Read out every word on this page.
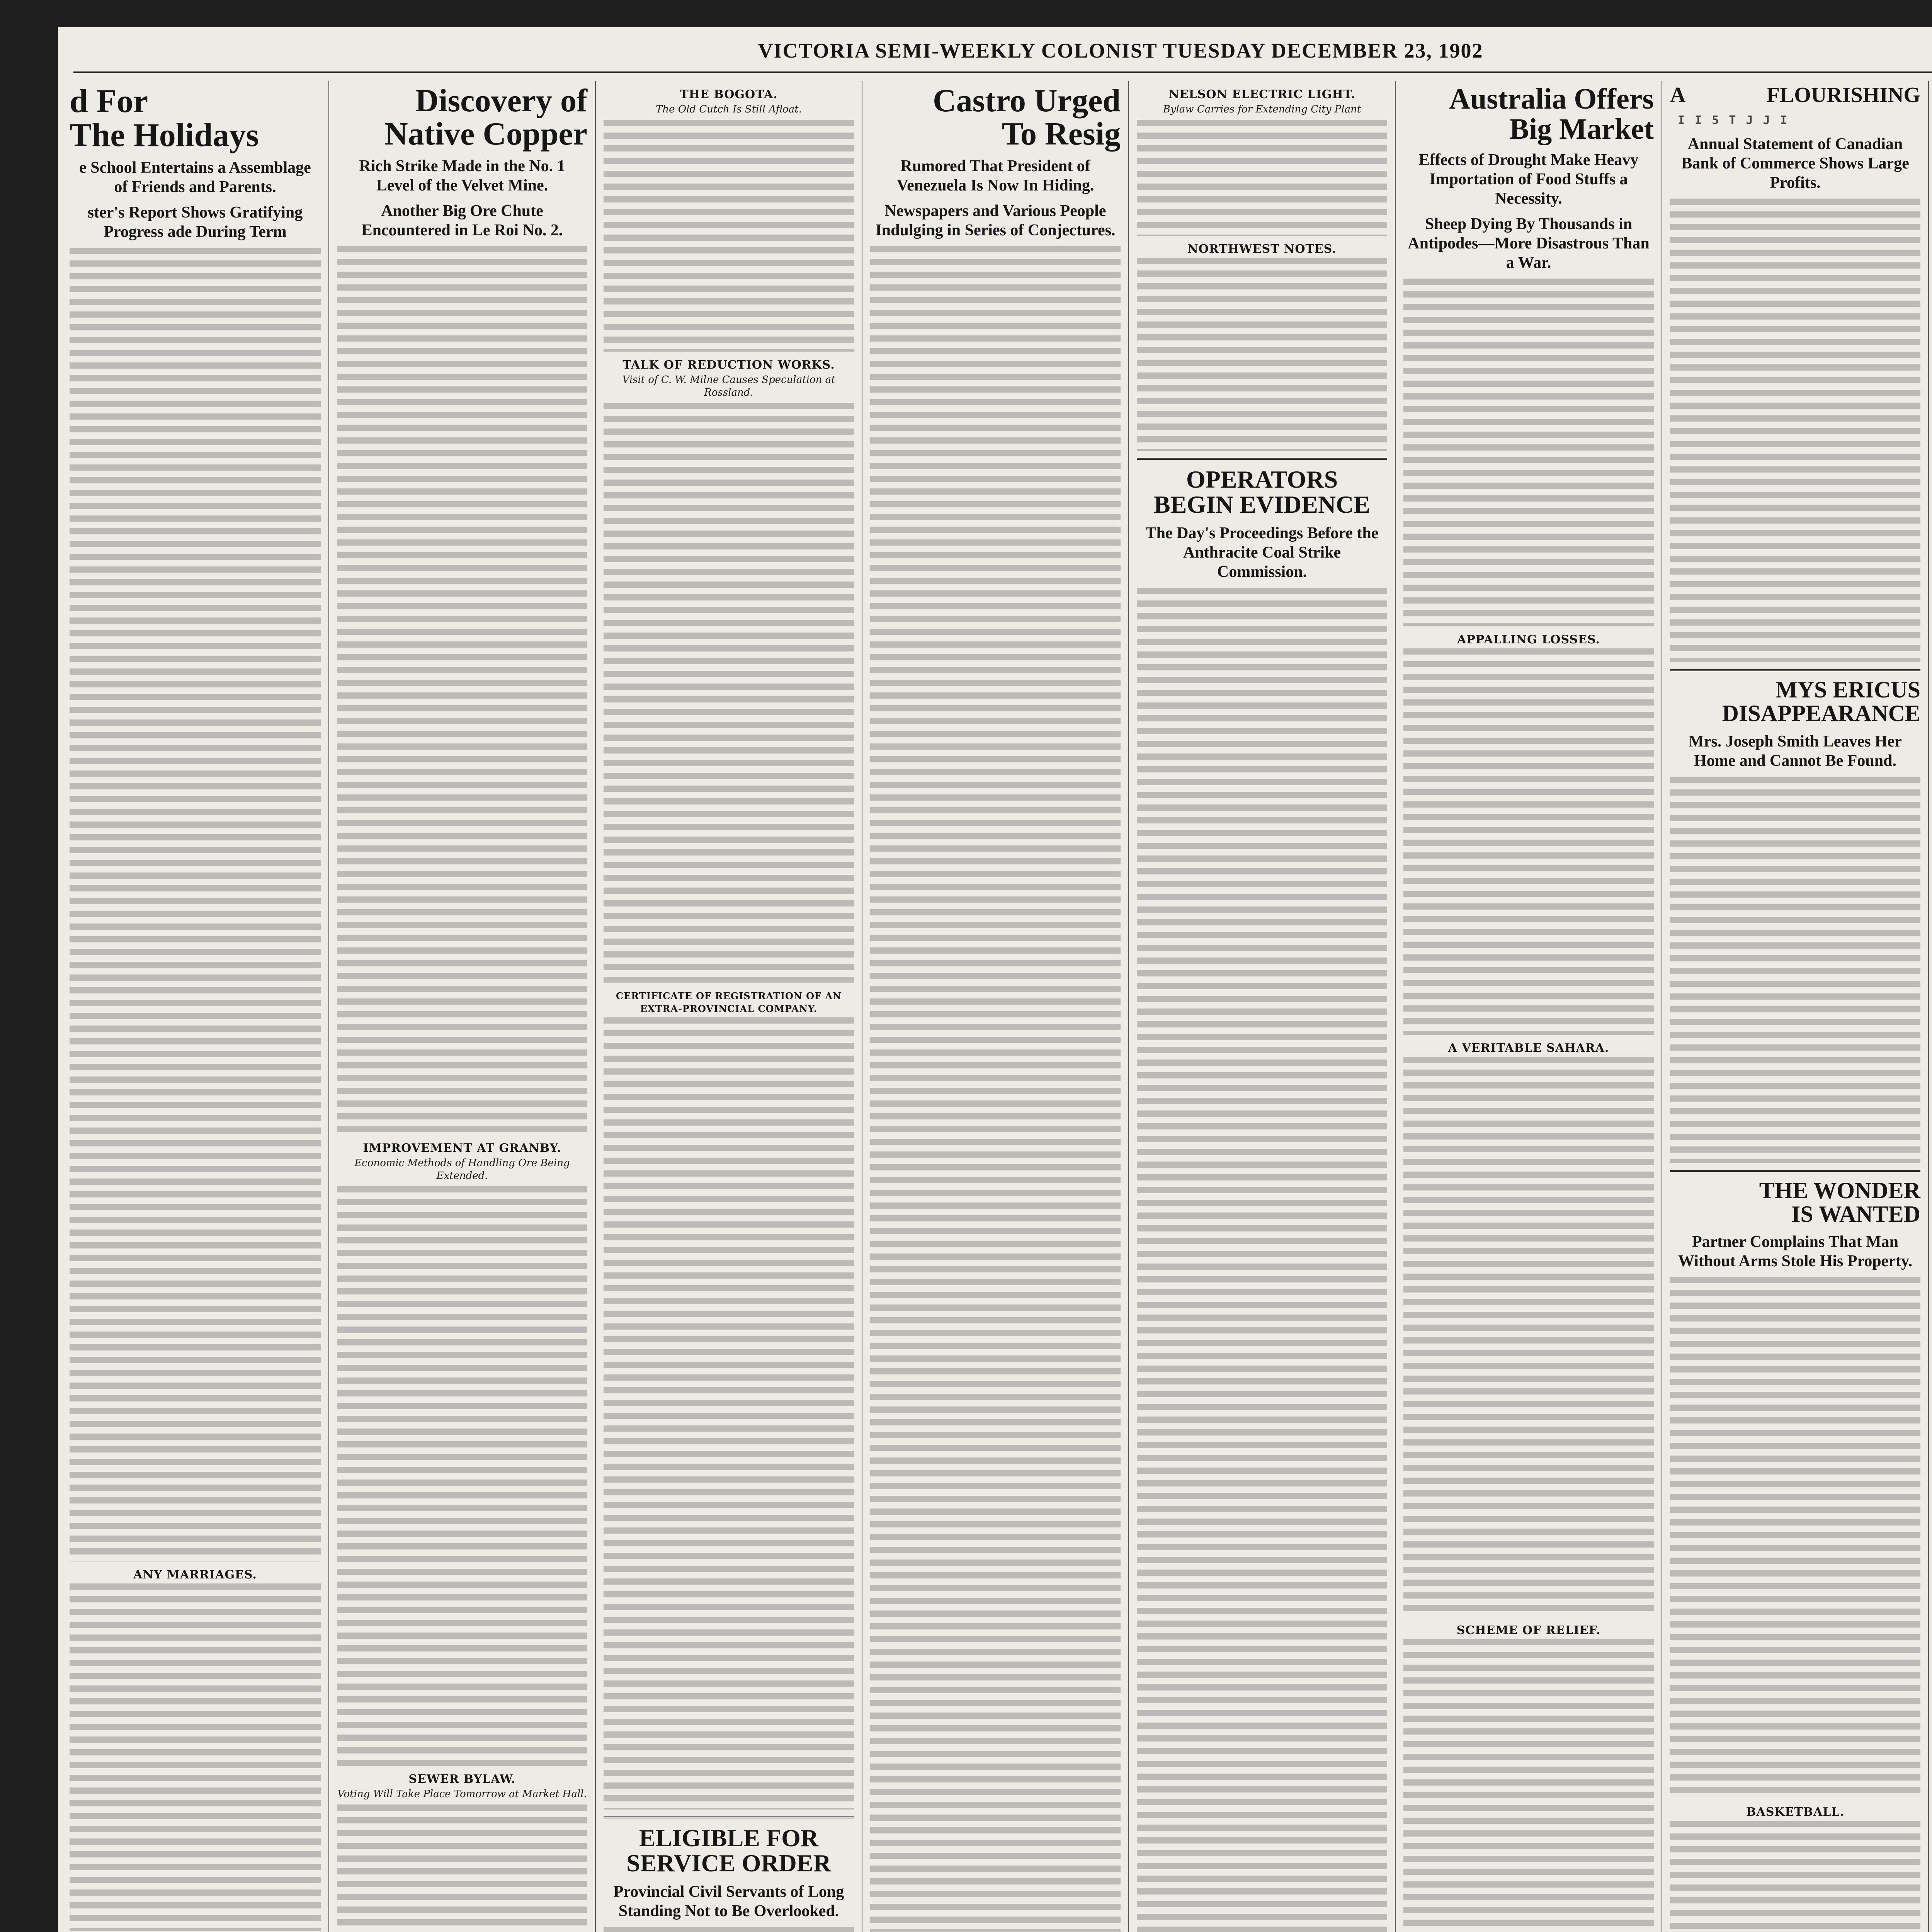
VICTORIA SEMI-WEEKLY COLONIST TUESDAY DECEMBER 23, 1902
d For
The Holidays
e School Entertains a Assemblage of Friends and Parents.
ster's Report Shows Gratifying Progress ade During Term
ANY MARRIAGES.
Discovery of
Native Copper
Rich Strike Made in the No. 1 Level of the Velvet Mine.
Another Big Ore Chute Encountered in Le Roi No. 2.
IMPROVEMENT AT GRANBY.
Economic Methods of Handling Ore Being Extended.
SEWER BYLAW.
Voting Will Take Place Tomorrow at Market Hall.
THE BOGOTA.
The Old Cutch Is Still Afloat.
TALK OF REDUCTION WORKS.
Visit of C. W. Milne Causes Speculation at Rossland.
CERTIFICATE OF REGISTRATION OF AN EXTRA-PROVINCIAL COMPANY.
ELIGIBLE FOR
SERVICE ORDER
Provincial Civil Servants of Long Standing Not to Be Overlooked.
Castro Urged
To Resig
Rumored That President of Venezuela Is Now In Hiding.
Newspapers and Various People Indulging in Series of Conjectures.
NELSON ELECTRIC LIGHT.
Bylaw Carries for Extending City Plant
NORTHWEST NOTES.
OPERATORS
BEGIN EVIDENCE
The Day's Proceedings Before the Anthracite Coal Strike Commission.
Australia Offers
Big Market
Effects of Drought Make Heavy Importation of Food Stuffs a Necessity.
Sheep Dying By Thousands in Antipodes—More Disastrous Than a War.
APPALLING LOSSES.
A VERITABLE SAHARA.
SCHEME OF RELIEF.
A FLOURISHINGI I 5 T J J I
Annual Statement of Canadian Bank of Commerce Shows Large Profits.
MYS ERICUS
DISAPPEARANCE
Mrs. Joseph Smith Leaves Her Home and Cannot Be Found.
THE WONDER
IS WANTED
Partner Complains That Man Without Arms Stole His Property.
BASKETBALL.
